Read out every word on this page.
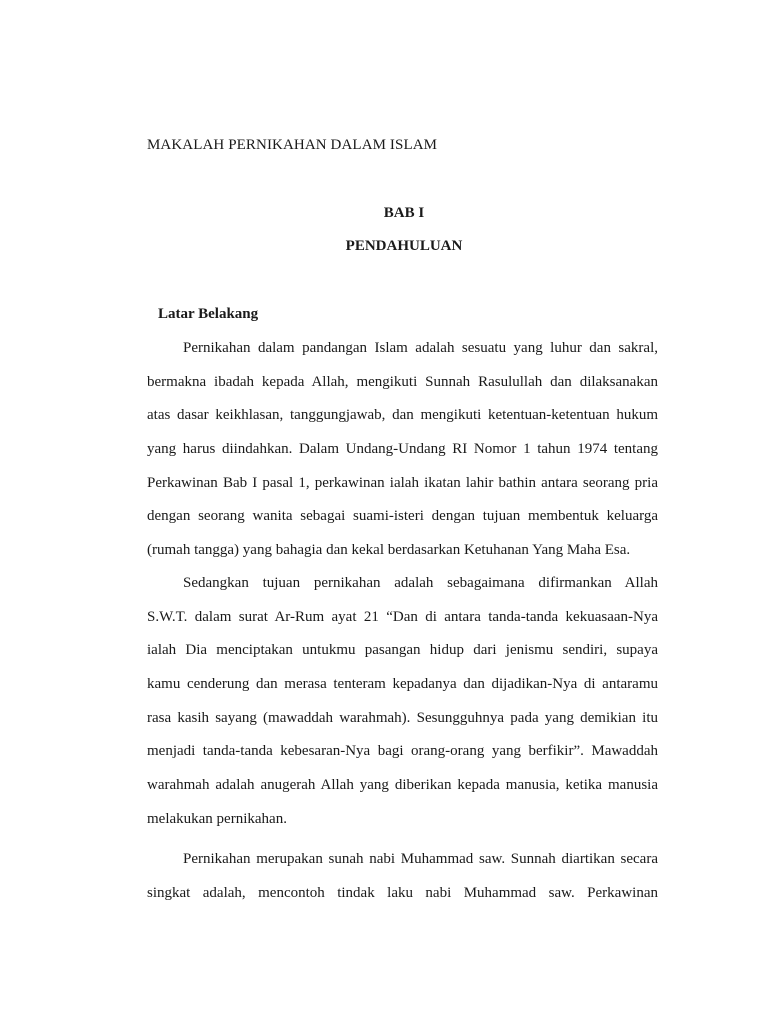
MAKALAH PERNIKAHAN DALAM ISLAM
BAB I
PENDAHULUAN
Latar Belakang
Pernikahan dalam pandangan Islam adalah sesuatu yang luhur dan sakral,
bermakna ibadah kepada Allah, mengikuti Sunnah Rasulullah dan dilaksanakan
atas dasar keikhlasan, tanggungjawab, dan mengikuti ketentuan-ketentuan hukum
yang harus diindahkan. Dalam Undang-Undang RI Nomor 1 tahun 1974 tentang
Perkawinan Bab I pasal 1, perkawinan ialah ikatan lahir bathin antara seorang pria
dengan seorang wanita sebagai suami-isteri dengan tujuan membentuk keluarga
(rumah tangga) yang bahagia dan kekal berdasarkan Ketuhanan Yang Maha Esa.
Sedangkan tujuan pernikahan adalah sebagaimana difirmankan Allah
S.W.T. dalam surat Ar-Rum ayat 21 “Dan di antara tanda-tanda kekuasaan-Nya
ialah Dia menciptakan untukmu pasangan hidup dari jenismu sendiri, supaya
kamu cenderung dan merasa tenteram kepadanya dan dijadikan-Nya di antaramu
rasa kasih sayang (mawaddah warahmah). Sesungguhnya pada yang demikian itu
menjadi tanda-tanda kebesaran-Nya bagi orang-orang yang berfikir”. Mawaddah
warahmah adalah anugerah Allah yang diberikan kepada manusia, ketika manusia
melakukan pernikahan.
Pernikahan merupakan sunah nabi Muhammad saw. Sunnah diartikan secara
singkat adalah, mencontoh tindak laku nabi Muhammad saw. Perkawinan
